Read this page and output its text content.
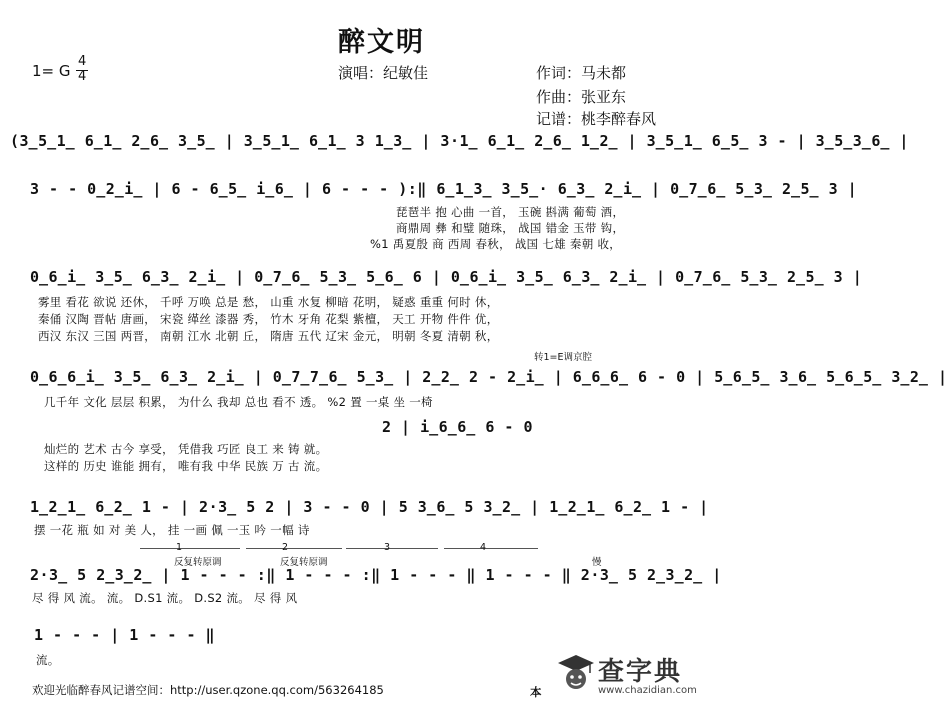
醉文明
1= G
4
4	演唱：纪敏佳	作词：马未都
作曲：张亚东
记谱：桃李醉春风
(3̲5̲1̲ 6̲1̲ 2̲6̲ 3̲5̲ | 3̲5̲1̲ 6̲1̲ 3 1̲3̲ | 3·1̲ 6̲1̲ 2̲6̲ 1̲2̲ | 3̲5̲1̲ 6̲5̲ 3 - | 3̲5̲3̲6̲ |
3 - - 0̲2̲i̲ | 6 - 6̲5̲ i̲6̲ | 6 - - - ):‖ 6̲1̲3̲ 3̲5̲· 6̲3̲ 2̲i̲ | 0̲7̲6̲ 5̲3̲ 2̲5̲ 3 |
琵琶半 抱 心曲 一首， 玉碗 斟满 葡萄 酒，
商鼎周 彝 和璧 随珠， 战国 错金 玉带 钩，
%1 禹夏殷 商 西周 春秋， 战国 七雄 秦朝 收，
0̲6̲i̲ 3̲5̲ 6̲3̲ 2̲i̲ | 0̲7̲6̲ 5̲3̲ 5̲6̲ 6 | 0̲6̲i̲ 3̲5̲ 6̲3̲ 2̲i̲ | 0̲7̲6̲ 5̲3̲ 2̲5̲ 3 |
雾里 看花 欲说 还休， 千呼 万唤 总是 愁， 山重 水复 柳暗 花明， 疑惑 重重 何时 休，
秦俑 汉陶 晋帖 唐画， 宋瓷 缂丝 漆器 秀， 竹木 牙角 花梨 紫檀， 天工 开物 件件 优，
西汉 东汉 三国 两晋， 南朝 江水 北朝 丘， 隋唐 五代 辽宋 金元， 明朝 冬夏 清朝 秋，
转1=E调京腔
0̲6̲6̲i̲ 3̲5̲ 6̲3̲ 2̲i̲ | 0̲7̲7̲6̲ 5̲3̲ | 2̲2̲ 2 - 2̲i̲ | 6̲6̲6̲ 6 - 0 | 5̲6̲5̲ 3̲6̲ 5̲6̲5̲ 3̲2̲ |
几千年 文化 层层 积累， 为什么 我却 总也 看不 透。 %2 置 一桌 坐 一椅
2 | i̲6̲6̲ 6 - 0
灿烂的 艺术 古今 享受， 凭借我 巧匠 良工 来 铸 就。
这样的 历史 谁能 拥有， 唯有我 中华 民族 万 古 流。
1̲2̲1̲ 6̲2̲ 1 - | 2·3̲ 5 2 | 3 - - 0 | 5 3̲6̲ 5 3̲2̲ | 1̲2̲1̲ 6̲2̲ 1 - |
摆 一花 瓶 如 对 美 人， 挂 一画 佩 一玉 吟 一幅 诗
1
反复转原调
2
反复转原调
3	4
慢
2·3̲ 5 2̲3̲2̲ | 1 - - - :‖ 1 - - - :‖ 1 - - - ‖ 1 - - - ‖ 2·3̲ 5 2̲3̲2̲ |
尽 得 风 流。 流。 D.S1 流。 D.S2 流。 尽 得 风
1 - - - | 1 - - - ‖
流。
欢迎光临醉春风记谱空间：http://user.qzone.qq.com/563264185	本
查字典
www.chazidian.com
